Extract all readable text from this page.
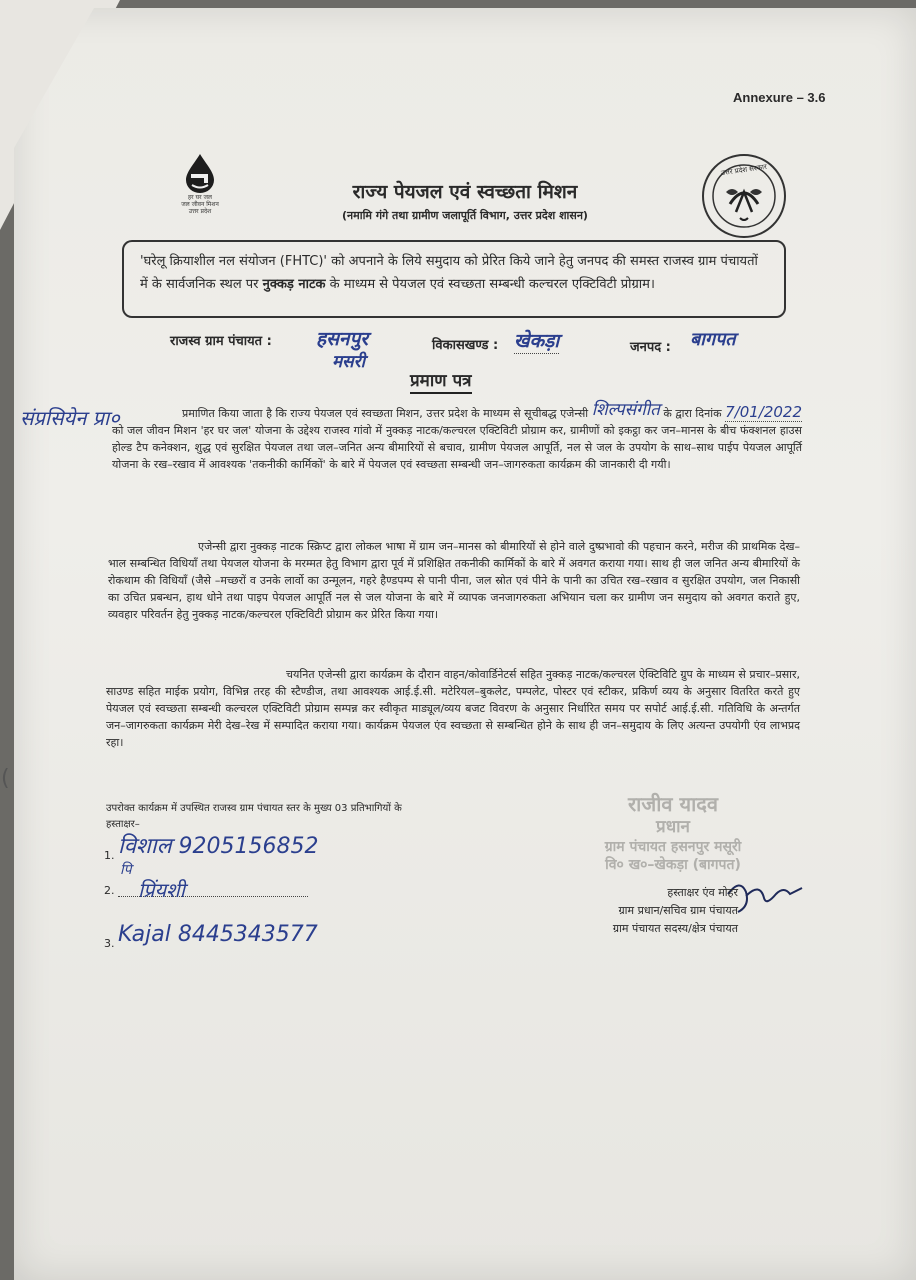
Annexure – 3.6
हर घर जल
जल जीवन मिशन
उत्तर प्रदेश
उत्तर प्रदेश सरकार
राज्य पेयजल एवं स्वच्छता मिशन
(नमामि गंगे तथा ग्रामीण जलापूर्ति विभाग, उत्तर प्रदेश शासन)
'घरेलू क्रियाशील नल संयोजन (FHTC)' को अपनाने के लिये समुदाय को प्रेरित किये जाने हेतु जनपद की समस्त राजस्व ग्राम पंचायतों में के सार्वजनिक स्थल पर नुक्कड़ नाटक के माध्यम से पेयजल एवं स्वच्छता सम्बन्धी कल्चरल एक्टिविटी प्रोग्राम।
राजस्व ग्राम पंचायत : हसनपुर
मसरी
विकासखण्ड : खेकड़ा	जनपद : बागपत
प्रमाण पत्र
संप्रसियेन प्रा०	प्रमाणित किया जाता है कि राज्य पेयजल एवं स्वच्छता मिशन, उत्तर प्रदेश के माध्यम से सूचीबद्ध एजेन्सी शिल्पसंगीत के द्वारा दिनांक 7/01/2022 को जल जीवन मिशन 'हर घर जल' योजना के उद्देश्य राजस्व गांवो में नुक्कड़ नाटक/कल्चरल एक्टिविटी प्रोग्राम कर, ग्रामीणों को इकट्ठा कर जन–मानस के बीच फंक्शनल हाउस होल्ड टैप कनेक्शन, शुद्ध एवं सुरक्षित पेयजल तथा जल–जनित अन्य बीमारियों से बचाव, ग्रामीण पेयजल आपूर्ति, नल से जल के उपयोग के साथ–साथ पाईप पेयजल आपूर्ति योजना के रख–रखाव में आवश्यक 'तकनीकी कार्मिकों' के बारे में पेयजल एवं स्वच्छता सम्बन्धी जन–जागरुकता कार्यक्रम की जानकारी दी गयी।
एजेन्सी द्वारा नुक्कड़ नाटक स्क्रिप्ट द्वारा लोकल भाषा में ग्राम जन–मानस को बीमारियों से होने वाले दुष्प्रभावो की पहचान करने, मरीज की प्राथमिक देख–भाल सम्बन्धित विधियाँ तथा पेयजल योजना के मरम्मत हेतु विभाग द्वारा पूर्व में प्रशिक्षित तकनीकी कार्मिकों के बारे में अवगत कराया गया। साथ ही जल जनित अन्य बीमारियों के रोकथाम की विधियाँ (जैसे –मच्छरों व उनके लार्वो का उन्मूलन, गहरे हैण्डपम्प से पानी पीना, जल स्रोत एवं पीने के पानी का उचित रख–रखाव व सुरक्षित उपयोग, जल निकासी का उचित प्रबन्धन, हाथ धोने तथा पाइप पेयजल आपूर्ति नल से जल योजना के बारे में व्यापक जनजागरुकता अभियान चला कर ग्रामीण जन समुदाय को अवगत कराते हुए, व्यवहार परिवर्तन हेतु नुक्कड़ नाटक/कल्चरल एक्टिविटी प्रोग्राम कर प्रेरित किया गया।
चयनित एजेन्सी द्वारा कार्यक्रम के दौरान वाहन/कोवार्डिनेटर्स सहित नुक्कड़ नाटक/कल्चरल ऐक्टिविटि ग्रुप के माध्यम से प्रचार–प्रसार, साउण्ड सहित माईक प्रयोग, विभिन्न तरह की स्टैण्डीज, तथा आवश्यक आई.ई.सी. मटेरियल–बुकलेट, पम्पलेट, पोस्टर एवं स्टीकर, प्रकिर्ण व्यय के अनुसार वितरित करते हुए पेयजल एवं स्वच्छता सम्बन्धी कल्चरल एक्टिविटी प्रोग्राम सम्पन्न कर स्वीकृत माड्यूल/व्यय बजट विवरण के अनुसार निर्धारित समय पर सपोर्ट आई.ई.सी. गतिविधि के अन्तर्गत जन–जागरुकता कार्यक्रम मेरी देख–रेख में सम्पादित कराया गया। कार्यक्रम पेयजल एंव स्वच्छता से सम्बन्धित होने के साथ ही जन–समुदाय के लिए अत्यन्त उपयोगी एंव लाभप्रद रहा।
(
उपरोक्त कार्यक्रम में उपस्थित राजस्व ग्राम पंचायत स्तर के मुख्य 03 प्रतिभागियों के
हस्ताक्षर–
1. विशाल 9205156852
पि
2. प्रिंयशी
3. Kajal 8445343577
राजीव यादव
प्रधान
ग्राम पंचायत हसनपुर मसूरी
वि० ख०–खेकड़ा (बागपत)
हस्ताक्षर एंव मोहर
ग्राम प्रधान/सचिव ग्राम पंचायत
ग्राम पंचायत सदस्य/क्षेत्र पंचायत
